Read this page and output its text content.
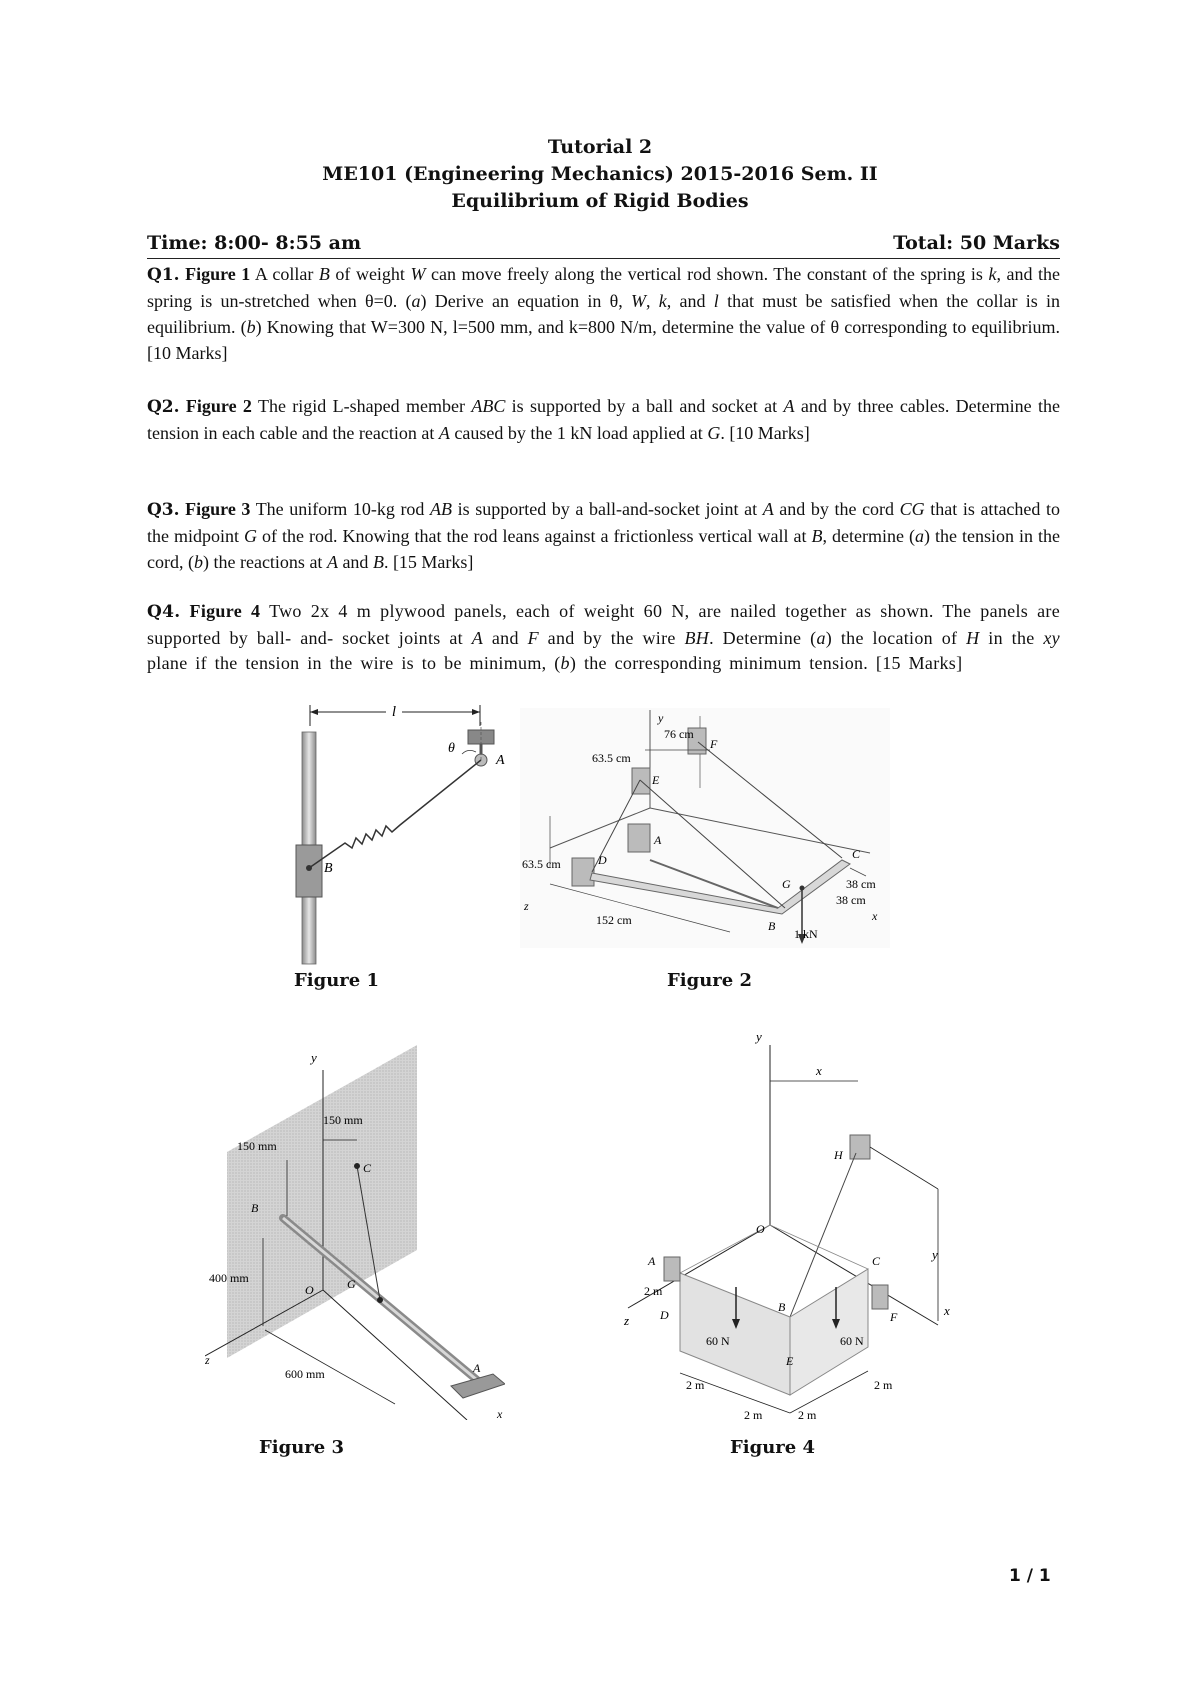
Tutorial 2
ME101 (Engineering Mechanics) 2015-2016 Sem. II
Equilibrium of Rigid Bodies
Time: 8:00- 8:55 am	Total: 50 Marks
Q1. Figure 1 A collar B of weight W can move freely along the vertical rod shown. The constant of the spring is k, and the spring is un-stretched when θ=0. (a) Derive an equation in θ, W, k, and l that must be satisfied when the collar is in equilibrium. (b) Knowing that W=300 N, l=500 mm, and k=800 N/m, determine the value of θ corresponding to equilibrium.[10 Marks]
Q2. Figure 2 The rigid L-shaped member ABC is supported by a ball and socket at A and by three cables. Determine the tension in each cable and the reaction at A caused by the 1 kN load applied at G. [10 Marks]
Q3. Figure 3 The uniform 10-kg rod AB is supported by a ball-and-socket joint at A and by the cord CG that is attached to the midpoint G of the rod. Knowing that the rod leans against a frictionless vertical wall at B, determine (a) the tension in the cord, (b) the reactions at A and B. [15 Marks]
Q4. Figure 4 Two 2x 4 m plywood panels, each of weight 60 N, are nailed together as shown. The panels are supported by ball- and- socket joints at A and F and by the wire BH. Determine (a) the location of H in the xy plane if the tension in the wire is to be minimum, (b) the corresponding minimum tension. [15 Marks]
l
B
A
θ
Figure 1
y
76 cm
63.5 cm
F
E
A
D
63.5 cm
C
G
B
38 cm
38 cm
x
z
152 cm
1 kN
Figure 2
y
150 mm
150 mm
C
B
400 mm
O	G
600 mm	A
z
x
Figure 3
y
x
H
y
O
C
A
B	x
z
2 m
D	F
60 N	60 N
E
2 m	2 m
2 m	2 m
Figure 4
1 / 1
